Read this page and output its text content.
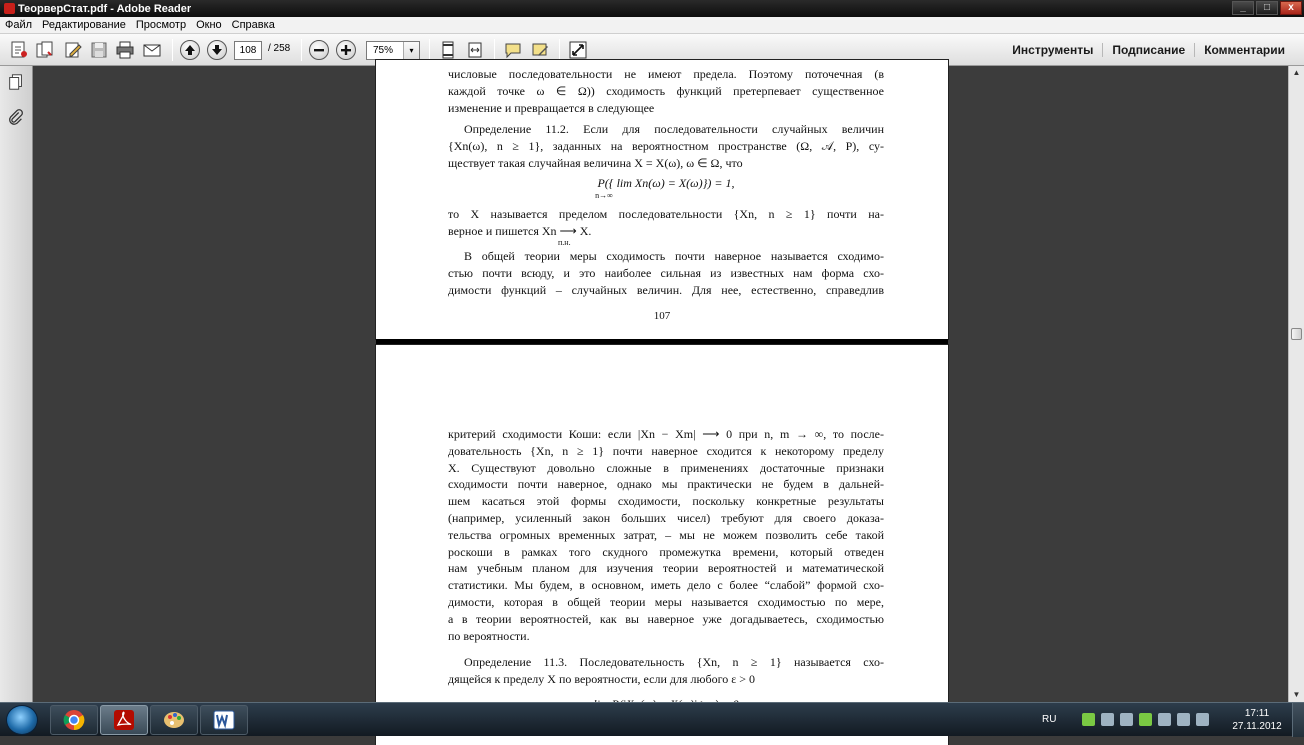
ТеорверСтат.pdf - Adobe Reader	_	□	x
Файл Редактирование Просмотр Окно Справка
108	/ 258	75%	▾	Инструменты	Подписание	Комментарии
числовые последовательности не имеют предела. Поэтому поточечная (в
каждой точке ω ∈ Ω)) сходимость функций претерпевает существенное
изменение и превращается в следующее
Определение 11.2. Если для последовательности случайных величин
{Xn(ω), n ≥ 1}, заданных на вероятностном пространстве (Ω, 𝒜, P), су-
ществует такая случайная величина X = X(ω), ω ∈ Ω, что
P({ lim Xn(ω) = X(ω)}) = 1,
n→∞
то X называется пределом последовательности {Xn, n ≥ 1} почти на-
верное и пишется Xn ⟶ X.
п.н.
В общей теории меры сходимость почти наверное называется сходимо-
стью почти всюду, и это наиболее сильная из известных нам форма схо-
димости функций – случайных величин. Для нее, естественно, справедлив
107
критерий сходимости Коши: если |Xn − Xm| ⟶ 0 при n, m → ∞, то после-
довательность {Xn, n ≥ 1} почти наверное сходится к некоторому пределу
X. Существуют довольно сложные в применениях достаточные признаки
сходимости почти наверное, однако мы практически не будем в дальней-
шем касаться этой формы сходимости, поскольку конкретные результаты
(например, усиленный закон больших чисел) требуют для своего доказа-
тельства огромных временных затрат, – мы не можем позволить себе такой
роскоши в рамках того скудного промежутка времени, который отведен
нам учебным планом для изучения теории вероятностей и математической
статистики. Мы будем, в основном, иметь дело с более “слабой” формой схо-
димости, которая в общей теории меры называется сходимостью по мере,
а в теории вероятностей, как вы наверное уже догадываетесь, сходимостью
по вероятности.
Определение 11.3. Последовательность {Xn, n ≥ 1} называется схо-
дящейся к пределу X по вероятности, если для любого ε > 0
▲
▼
RU
17:11
27.11.2012
